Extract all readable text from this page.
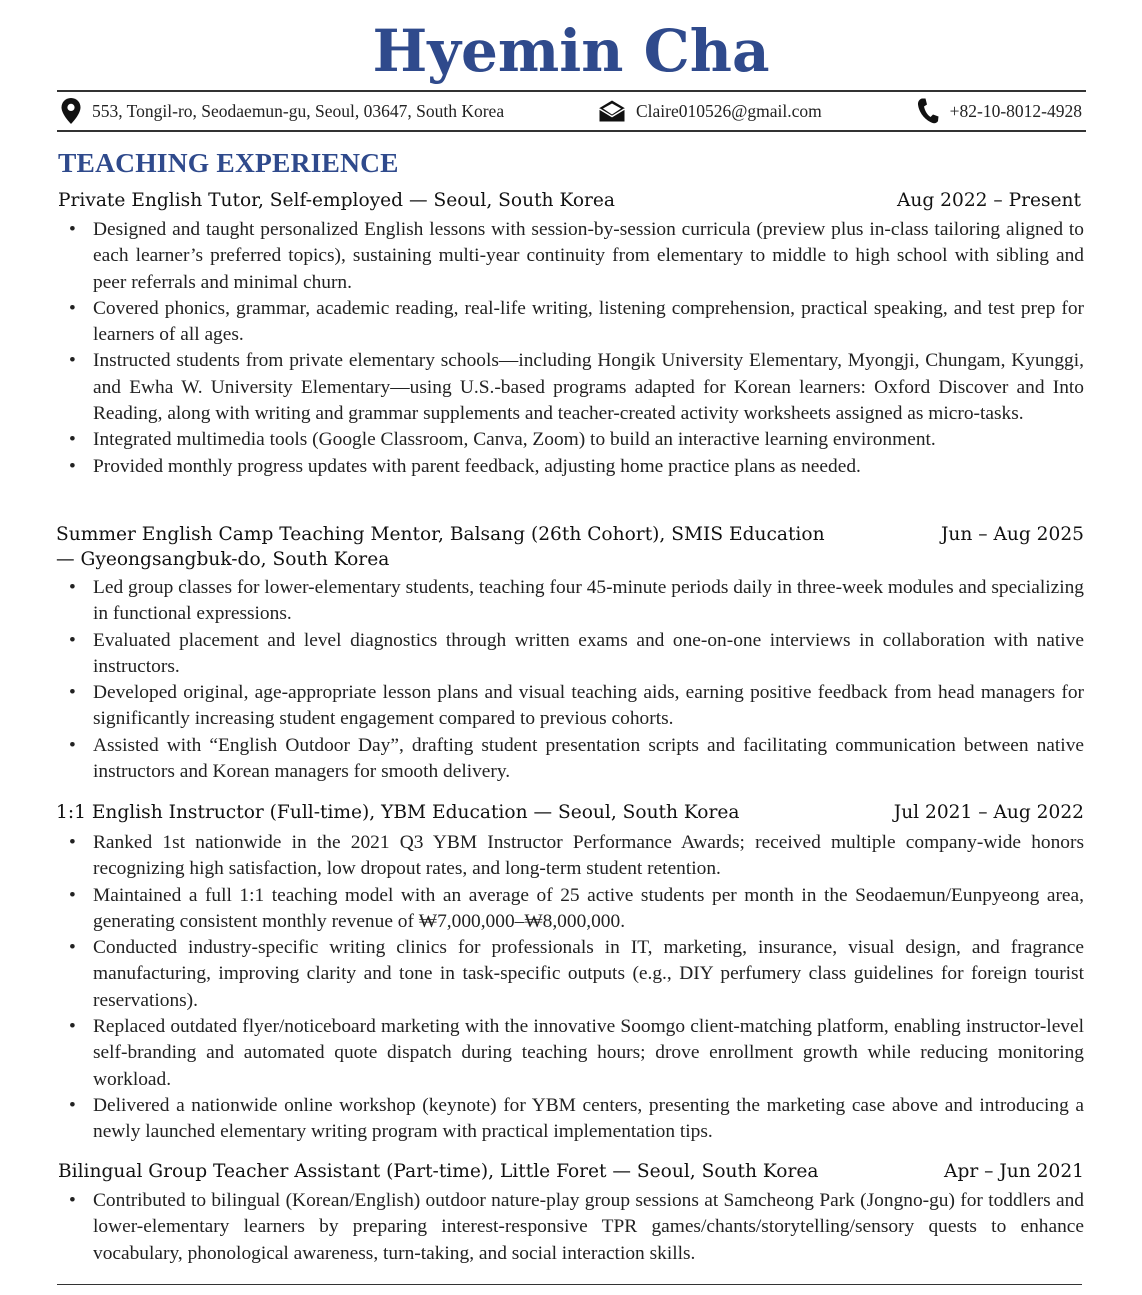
Hyemin Cha
553, Tongil-ro, Seodaemun-gu, Seoul, 03647, South Korea	Claire010526@gmail.com	+82-10-8012-4928
TEACHING EXPERIENCE
Private English Tutor, Self-employed — Seoul, South Korea	Aug 2022 – Present
• Designed and taught personalized English lessons with session-by-session curricula (preview plus in-class tailoring aligned to each learner’s preferred topics), sustaining multi-year continuity from elementary to middle to high school with sibling and peer referrals and minimal churn.
• Covered phonics, grammar, academic reading, real-life writing, listening comprehension, practical speaking, and test prep for learners of all ages.
• Instructed students from private elementary schools—including Hongik University Elementary, Myongji, Chungam, Kyunggi, and Ewha W. University Elementary—using U.S.-based programs adapted for Korean learners: Oxford Discover and Into Reading, along with writing and grammar supplements and teacher-created activity worksheets assigned as micro-tasks.
• Integrated multimedia tools (Google Classroom, Canva, Zoom) to build an interactive learning environment.
• Provided monthly progress updates with parent feedback, adjusting home practice plans as needed.
Summer English Camp Teaching Mentor, Balsang (26th Cohort), SMIS Education
— Gyeongsangbuk-do, South Korea
Jun – Aug 2025
• Led group classes for lower-elementary students, teaching four 45-minute periods daily in three-week modules and specializing in functional expressions.
• Evaluated placement and level diagnostics through written exams and one-on-one interviews in collaboration with native instructors.
• Developed original, age-appropriate lesson plans and visual teaching aids, earning positive feedback from head managers for significantly increasing student engagement compared to previous cohorts.
• Assisted with “English Outdoor Day”, drafting student presentation scripts and facilitating communication between native instructors and Korean managers for smooth delivery.
1:1 English Instructor (Full-time), YBM Education — Seoul, South Korea	Jul 2021 – Aug 2022
• Ranked 1st nationwide in the 2021 Q3 YBM Instructor Performance Awards; received multiple company-wide honors recognizing high satisfaction, low dropout rates, and long-term student retention.
• Maintained a full 1:1 teaching model with an average of 25 active students per month in the Seodaemun/Eunpyeong area, generating consistent monthly revenue of ₩7,000,000–₩8,000,000.
• Conducted industry-specific writing clinics for professionals in IT, marketing, insurance, visual design, and fragrance manufacturing, improving clarity and tone in task-specific outputs (e.g., DIY perfumery class guidelines for foreign tourist reservations).
• Replaced outdated flyer/noticeboard marketing with the innovative Soomgo client-matching platform, enabling instructor-level self-branding and automated quote dispatch during teaching hours; drove enrollment growth while reducing monitoring workload.
• Delivered a nationwide online workshop (keynote) for YBM centers, presenting the marketing case above and introducing a newly launched elementary writing program with practical implementation tips.
Bilingual Group Teacher Assistant (Part-time), Little Foret — Seoul, South Korea	Apr – Jun 2021
• Contributed to bilingual (Korean/English) outdoor nature-play group sessions at Samcheong Park (Jongno-gu) for toddlers and lower-elementary learners by preparing interest-responsive TPR games/chants/storytelling/sensory quests to enhance vocabulary, phonological awareness, turn-taking, and social interaction skills.
